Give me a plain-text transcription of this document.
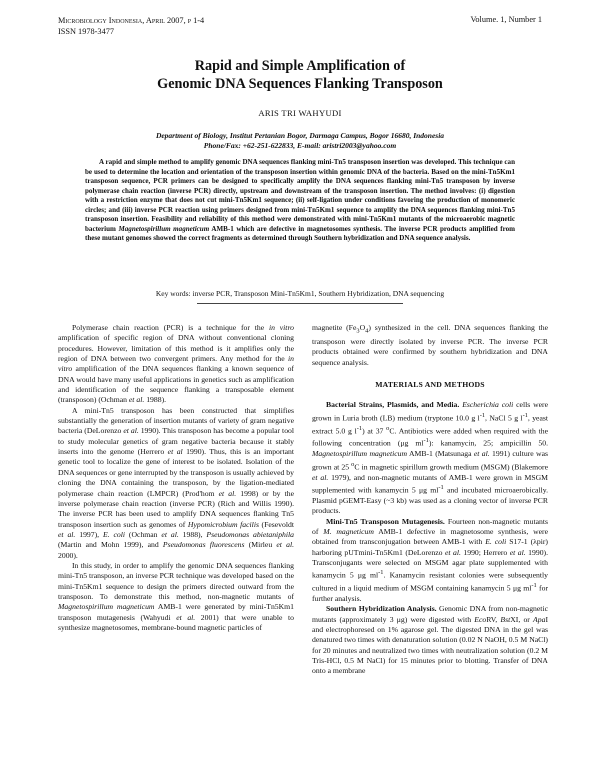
Microbiology Indonesia, April 2007, p 1-4
ISSN 1978-3477
Volume. 1, Number 1
Rapid and Simple Amplification of
Genomic DNA Sequences Flanking Transposon
ARIS TRI WAHYUDI
Department of Biology, Institut Pertanian Bogor, Darmaga Campus, Bogor 16680, Indonesia
Phone/Fax: +62-251-622833, E-mail: aristri2003@yahoo.com
A rapid and simple method to amplify genomic DNA sequences flanking mini-Tn5 transposon insertion was developed. This technique can be used to determine the location and orientation of the transposon insertion within genomic DNA of the bacteria. Based on the mini-Tn5Km1 transposon sequence, PCR primers can be designed to specifically amplify the DNA sequences flanking mini-Tn5 transposon by inverse polymerase chain reaction (inverse PCR) directly, upstream and downstream of the transposon insertion. The method involves: (i) digestion with a restriction enzyme that does not cut mini-Tn5Km1 sequence; (ii) self-ligation under conditions favoring the production of monomeric circles; and (iii) inverse PCR reaction using primers designed from mini-Tn5Km1 sequence to amplify the DNA sequences flanking mini-Tn5 transposon insertion. Feasibility and reliability of this method were demonstrated with mini-Tn5Km1 mutants of the microaerobic magnetic bacterium Magnetospirillum magneticum AMB-1 which are defective in magnetosomes synthesis. The inverse PCR products amplified from these mutant genomes showed the correct fragments as determined through Southern hybridization and DNA sequence analysis.
Key words: inverse PCR, Transposon Mini-Tn5Km1, Southern Hybridization, DNA sequencing

Polymerase chain reaction (PCR) is a technique for the in vitro amplification of specific region of DNA without conventional cloning procedures. However, limitation of this method is it amplifies only the region of DNA between two convergent primers. Any method for the in vitro amplification of the DNA sequences flanking a known sequence of DNA would have many useful applications in genetics such as amplification and identification of the sequence flanking a transposable element (transposon) (Ochman et al. 1988).

A mini-Tn5 transposon has been constructed that simplifies substantially the generation of insertion mutants of variety of gram negative bacteria (DeLorenzo et al. 1990). This transposon has become a popular tool to study molecular genetics of gram negative bacteria because it stably inserts into the genome (Herrero et al 1990). Thus, this is an important genetic tool to localize the gene of interest to be isolated. Isolation of the DNA sequences or gene interrupted by the transposon is usually achieved by cloning the DNA containing the transposon, by the ligation-mediated polymerase chain reaction (LMPCR) (Prod'hom et al. 1998) or by the inverse polymerase chain reaction (inverse PCR) (Rich and Willis 1990). The inverse PCR has been used to amplify DNA sequences flanking Tn5 transposon insertion such as genomes of Hypomicrobium facilis (Fesevoldt et al. 1997), E. coli (Ochman et al. 1988), Pseudomonas abietaniphila (Martin and Mohn 1999), and Pseudomonas fluorescens (Mirleu et al. 2000).

In this study, in order to amplify the genomic DNA sequences flanking mini-Tn5 transposon, an inverse PCR technique was developed based on the mini-Tn5Km1 sequence to design the primers directed outward from the transposon. To demonstrate this method, non-magnetic mutants of Magnetospirillum magneticum AMB-1 were generated by mini-Tn5Km1 transposon mutagenesis (Wahyudi et al. 2001) that were unable to synthesize magnetosomes, membrane-bound magnetic particles of

magnetite $(Fe_3O_4)$ synthesized in the cell. DNA sequences flanking the transposon were directly isolated by inverse PCR. The inverse PCR products obtained were confirmed by southern hybridization and DNA sequence analysis.

MATERIALS AND METHODS

Bacterial Strains, Plasmids, and Media. Escherichia coli cells were grown in Luria broth (LB) medium (tryptone 10.0 g $l^{-1}$, NaCl 5 g $l^{-1}$, yeast extract 5.0 g $l^{-1}$) at 37 $^o$C. Antibiotics were added when required with the following concentration (μg $ml^{-1}$): kanamycin, 25; ampicillin 50. Magnetospirillum magneticum AMB-1 (Matsunaga et al. 1991) culture was grown at 25 $^o$C in magnetic spirillum growth medium (MSGM) (Blakemore et al. 1979), and non-magnetic mutants of AMB-1 were grown in MSGM supplemented with kanamycin 5 μg $ml^{-1}$ and incubated microaerobically. Plasmid pGEMT-Easy (~3 kb) was used as a cloning vector of inverse PCR products.

Mini-Tn5 Transposon Mutagenesis. Fourteen non-magnetic mutants of M. magneticum AMB-1 defective in magnetosome synthesis, were obtained from transconjugation between AMB-1 with E. coli S17-1 (λpir) harboring pUTmini-Tn5Km1 (DeLorenzo et al. 1990; Herrero et al. 1990). Transconjugants were selected on MSGM agar plate supplemented with kanamycin 5 μg $ml^{-1}$. Kanamycin resistant colonies were subsequently cultured in a liquid medium of MSGM containing kanamycin 5 μg $ml^{-1}$ for further analysis.

Southern Hybridization Analysis. Genomic DNA from non-magnetic mutants (approximately 3 μg) were digested with EcoRV, BstXI, or ApaI and electrophoresed on 1% agarose gel. The digested DNA in the gel was denatured two times with denaturation solution (0.02 N NaOH, 0.5 M NaCl) for 20 minutes and neutralized two times with neutralization solution (0.2 M Tris-HCl, 0.5 M NaCl) for 15 minutes prior to blotting. Transfer of DNA onto a membrane
